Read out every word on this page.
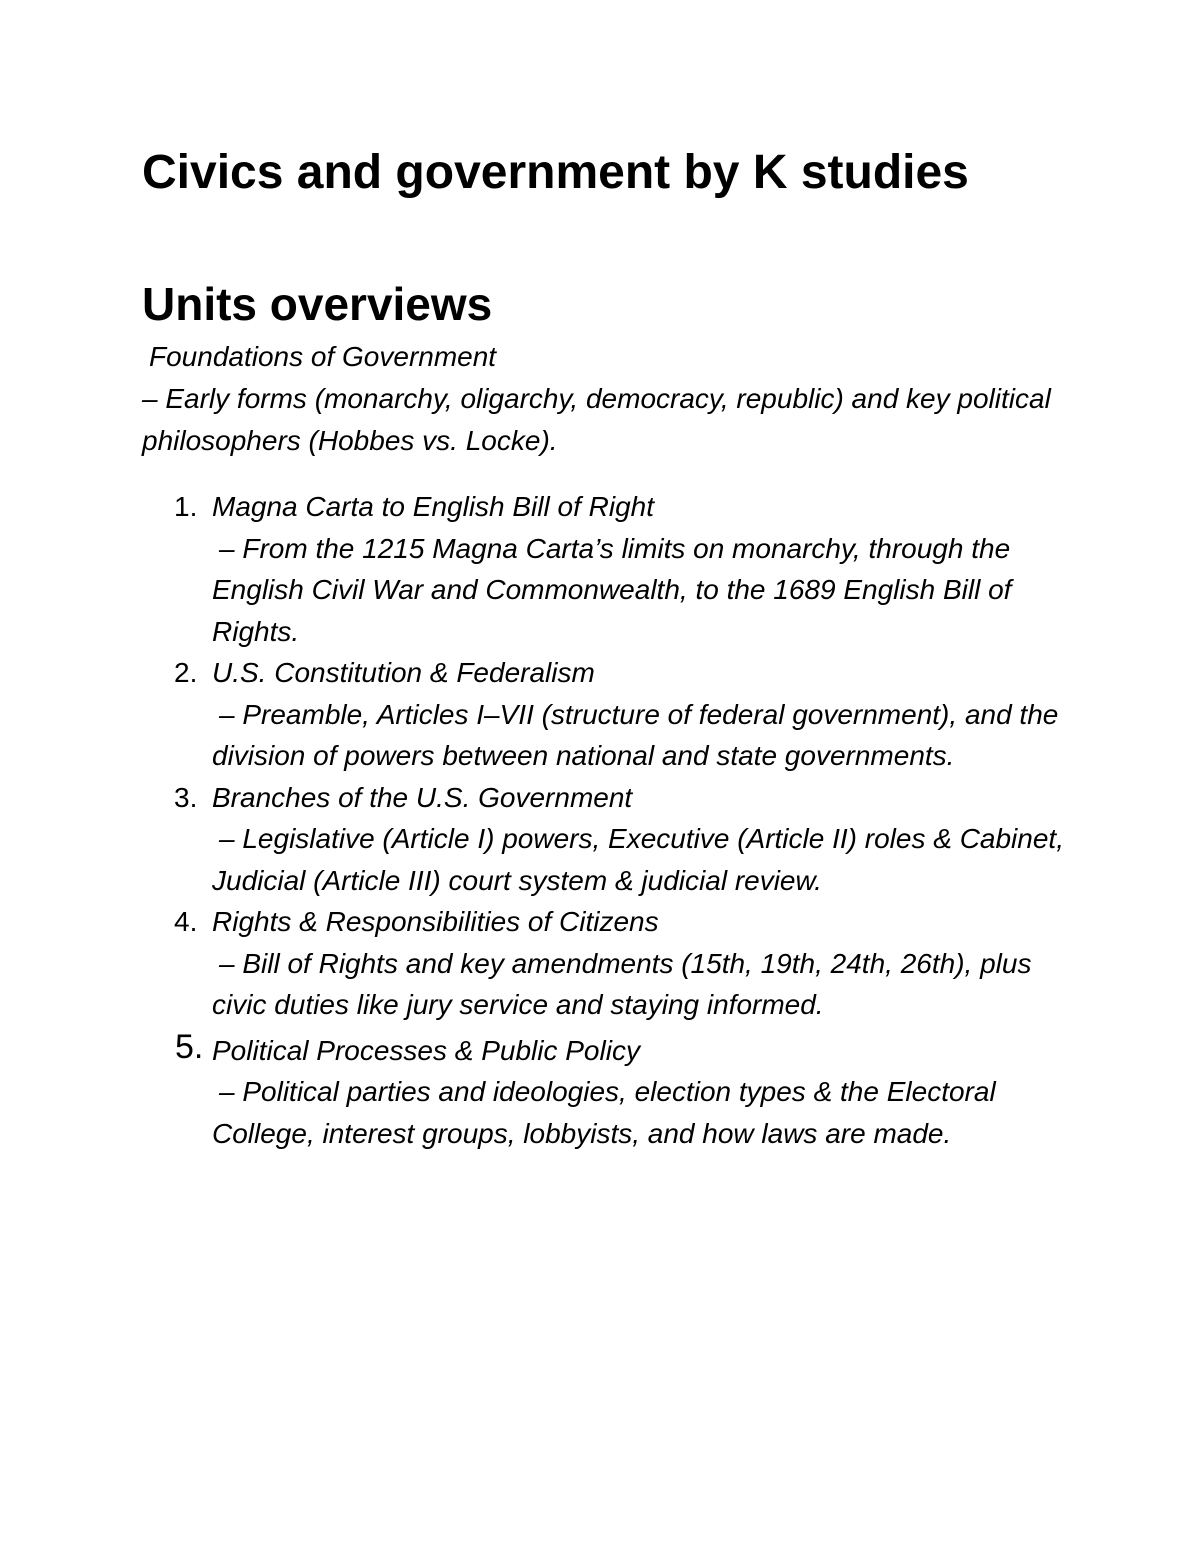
Civics and government by K studies
Units overviews
Foundations of Government
– Early forms (monarchy, oligarchy, democracy, republic) and key political philosophers (Hobbes vs. Locke).
1. Magna Carta to English Bill of Right
– From the 1215 Magna Carta’s limits on monarchy, through the English Civil War and Commonwealth, to the 1689 English Bill of Rights.
2. U.S. Constitution & Federalism
– Preamble, Articles I–VII (structure of federal government), and the division of powers between national and state governments.
3. Branches of the U.S. Government
– Legislative (Article I) powers, Executive (Article II) roles & Cabinet, Judicial (Article III) court system & judicial review.
4. Rights & Responsibilities of Citizens
– Bill of Rights and key amendments (15th, 19th, 24th, 26th), plus civic duties like jury service and staying informed.
5. Political Processes & Public Policy
– Political parties and ideologies, election types & the Electoral College, interest groups, lobbyists, and how laws are made.
